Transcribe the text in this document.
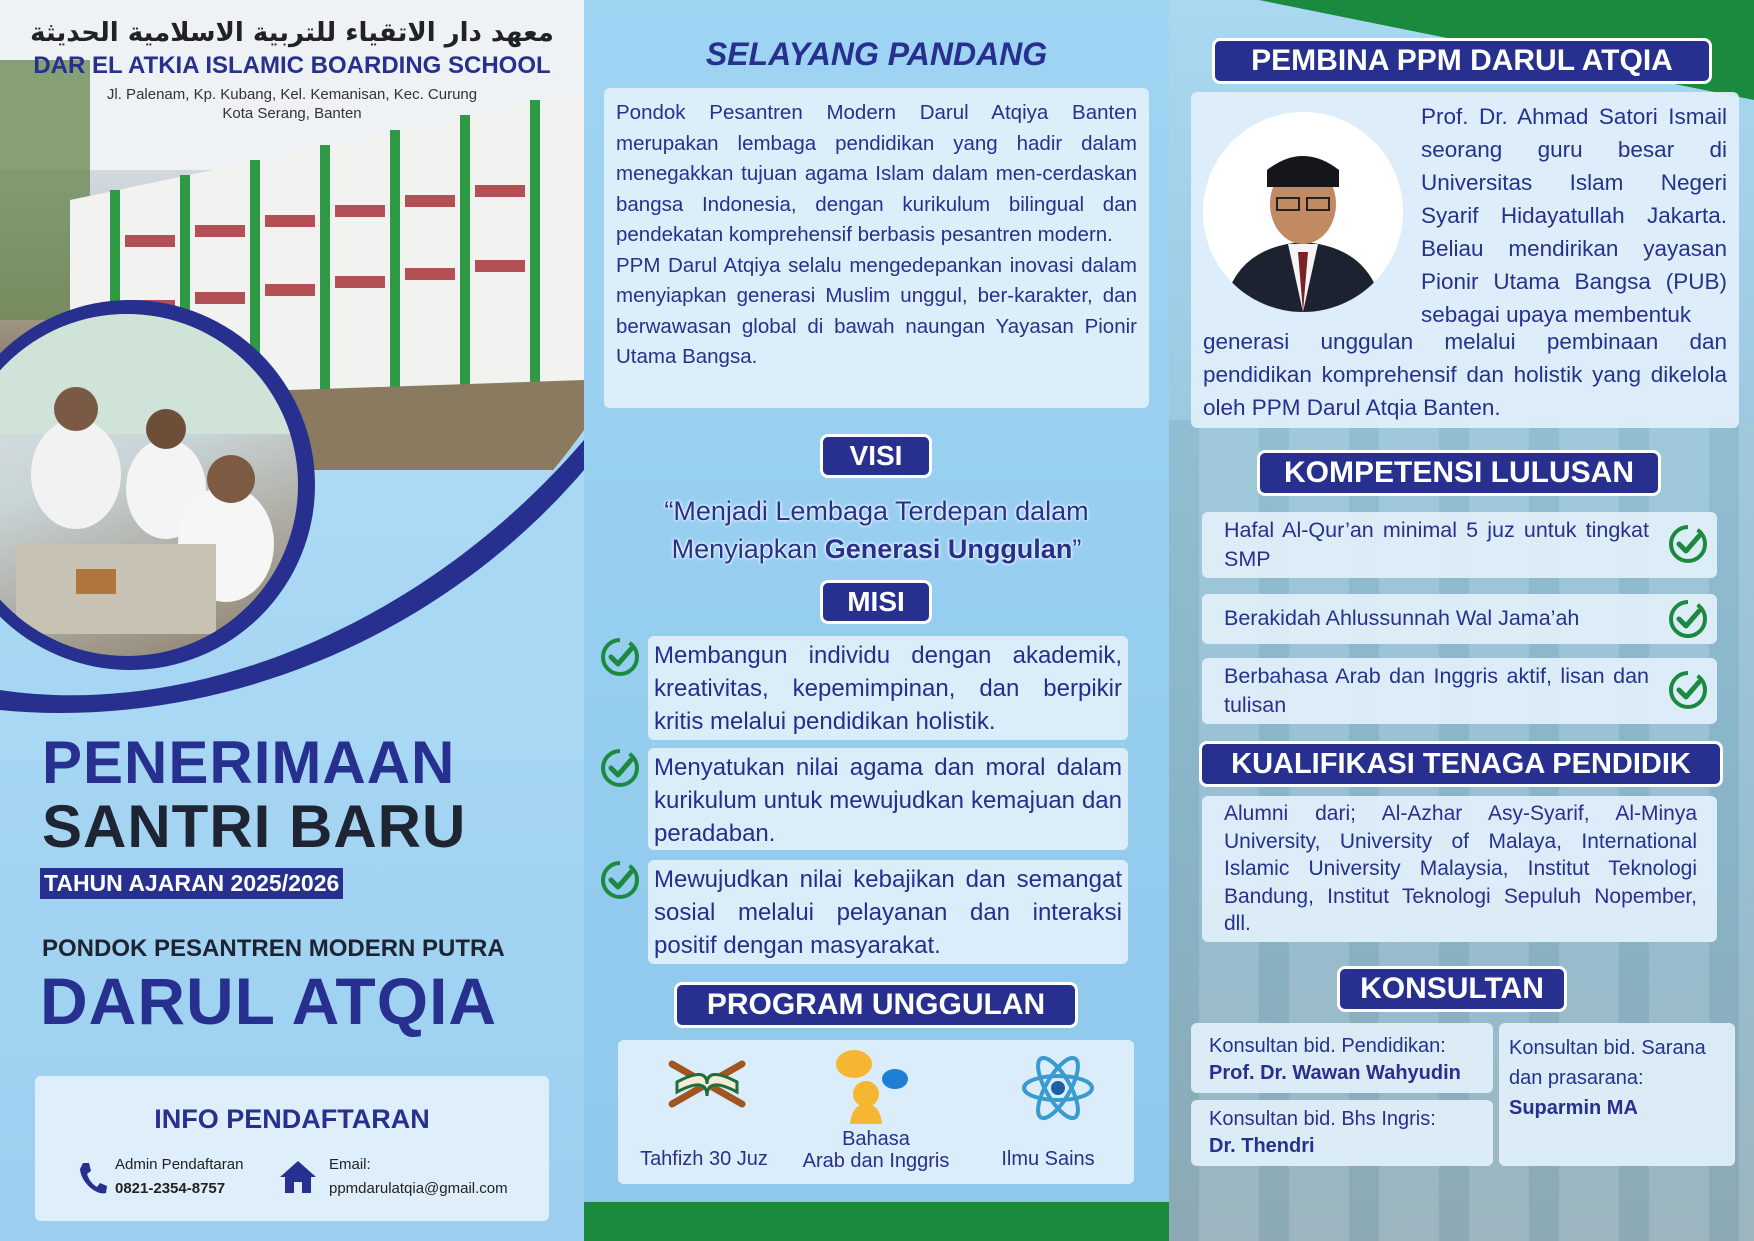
معهد دار الاتقياء للتربية الاسلامية الحديثة
DAR EL ATKIA ISLAMIC BOARDING SCHOOL
Jl. Palenam, Kp. Kubang, Kel. Kemanisan, Kec. Curung
Kota Serang, Banten
PENERIMAAN
SANTRI BARU
TAHUN AJARAN 2025/2026
PONDOK PESANTREN MODERN PUTRA
DARUL ATQIA
INFO PENDAFTARAN
Admin Pendaftaran
0821-2354-8757
Email:
ppmdarulatqia@gmail.com
SELAYANG PANDANG
Pondok Pesantren Modern Darul Atqiya Banten merupakan lembaga pendidikan yang hadir dalam menegakkan tujuan agama Islam dalam men-cerdaskan bangsa Indonesia, dengan kurikulum bilingual dan pendekatan komprehensif berbasis pesantren modern.
PPM Darul Atqiya selalu mengedepankan inovasi dalam menyiapkan generasi Muslim unggul, ber-karakter, dan berwawasan global di bawah naungan Yayasan Pionir Utama Bangsa.
VISI
“Menjadi Lembaga Terdepan dalam
Menyiapkan Generasi Unggulan”
MISI
Membangun individu dengan akademik, kreativitas, kepemimpinan, dan berpikir kritis melalui pendidikan holistik.
Menyatukan nilai agama dan moral dalam kurikulum untuk mewujudkan kemajuan dan peradaban.
Mewujudkan nilai kebajikan dan semangat sosial melalui pelayanan dan interaksi positif dengan masyarakat.
PROGRAM UNGGULAN
Tahfizh 30 Juz
Bahasa
Arab dan Inggris	Ilmu Sains
PEMBINA PPM DARUL ATQIA
Prof. Dr. Ahmad Satori Ismail seorang guru besar di Universitas Islam Negeri Syarif Hidayatullah Jakarta. Beliau mendirikan yayasan Pionir Utama Bangsa (PUB) sebagai upaya membentuk
generasi unggulan melalui pembinaan dan pendidikan komprehensif dan holistik yang dikelola oleh PPM Darul Atqia Banten.
KOMPETENSI LULUSAN
Hafal Al-Qur’an minimal 5 juz untuk tingkat SMP
Berakidah Ahlussunnah Wal Jama’ah
Berbahasa Arab dan Inggris aktif, lisan dan tulisan
KUALIFIKASI TENAGA PENDIDIK
Alumni dari; Al-Azhar Asy-Syarif, Al-Minya University, University of Malaya, International Islamic University Malaysia, Institut Teknologi Bandung, Institut Teknologi Sepuluh Nopember, dll.
KONSULTAN
Konsultan bid. Pendidikan:
Prof. Dr. Wawan Wahyudin
Konsultan bid. Bhs Ingris:
Dr. Thendri
Konsultan bid. Sarana
dan prasarana:
Suparmin MA
